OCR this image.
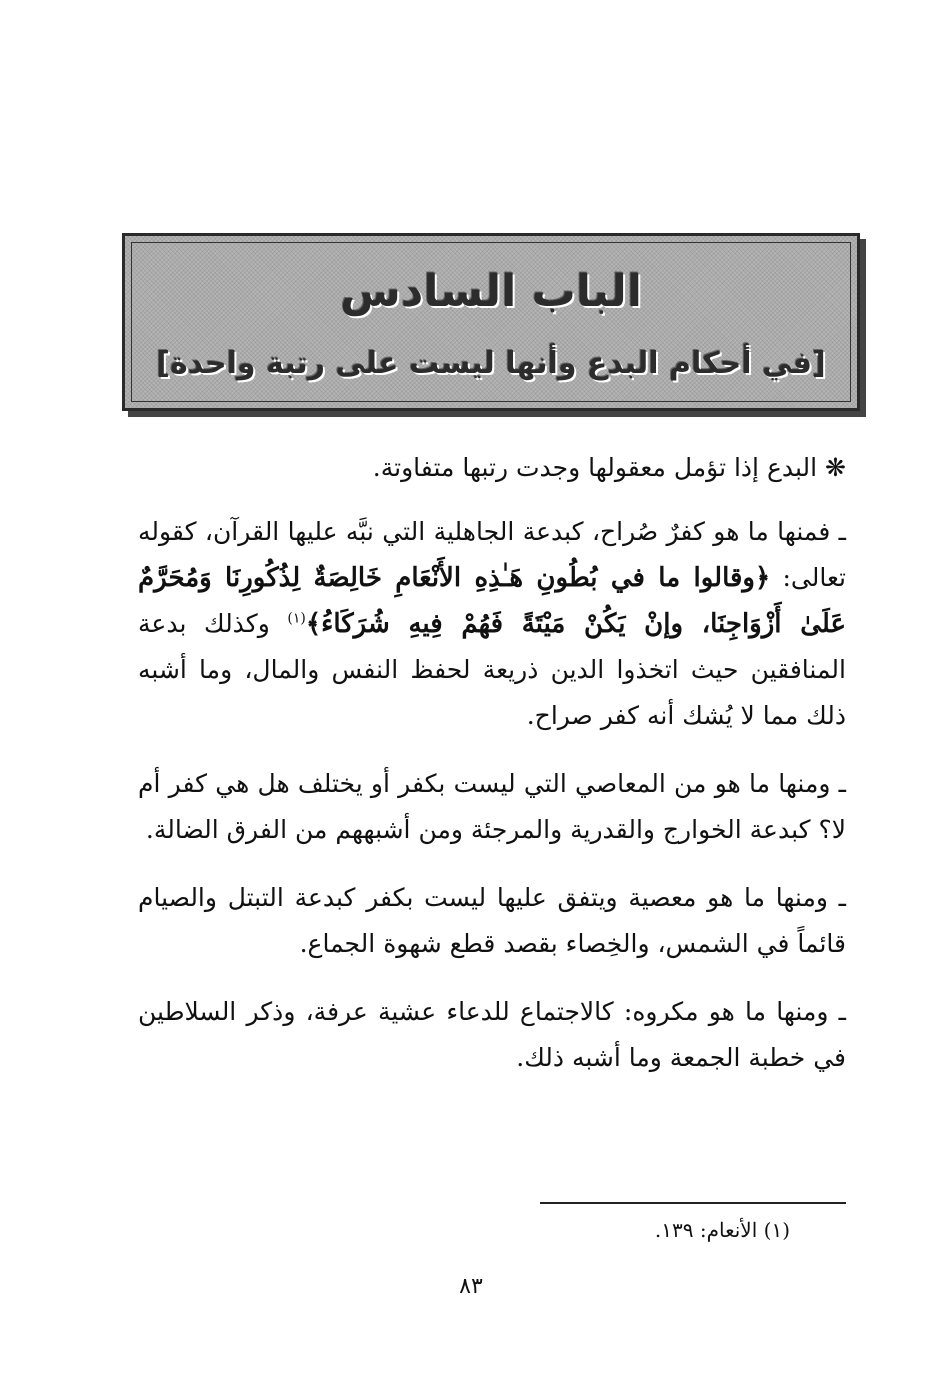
الباب السادس
[في أحكام البدع وأنها ليست على رتبة واحدة]

❋ البدع إذا تؤمل معقولها وجدت رتبها متفاوتة.

ـ فمنها ما هو كفرٌ صُراح، كبدعة الجاهلية التي نبَّه عليها القرآن، كقوله تعالى: ﴿وقالوا ما في بُطُونِ هَـٰذِهِ الأَنْعَامِ خَالِصَةٌ لِذُكُورِنَا وَمُحَرَّمٌ عَلَىٰ أَزْوَاجِنَا، وإنْ يَكُنْ مَيْتَةً فَهُمْ فِيهِ شُرَكَاءُ﴾$^{(١)}$ وكذلك بدعة المنافقين حيث اتخذوا الدين ذريعة لحفظ النفس والمال، وما أشبه ذلك مما لا يُشك أنه كفر صراح.

ـ ومنها ما هو من المعاصي التي ليست بكفر أو يختلف هل هي كفر أم لا؟ كبدعة الخوارج والقدرية والمرجئة ومن أشبههم من الفرق الضالة.

ـ ومنها ما هو معصية ويتفق عليها ليست بكفر كبدعة التبتل والصيام قائماً في الشمس، والخِصاء بقصد قطع شهوة الجماع.

ـ ومنها ما هو مكروه: كالاجتماع للدعاء عشية عرفة، وذكر السلاطين في خطبة الجمعة وما أشبه ذلك.

(١) الأنعام: ١٣٩.
٨٣
